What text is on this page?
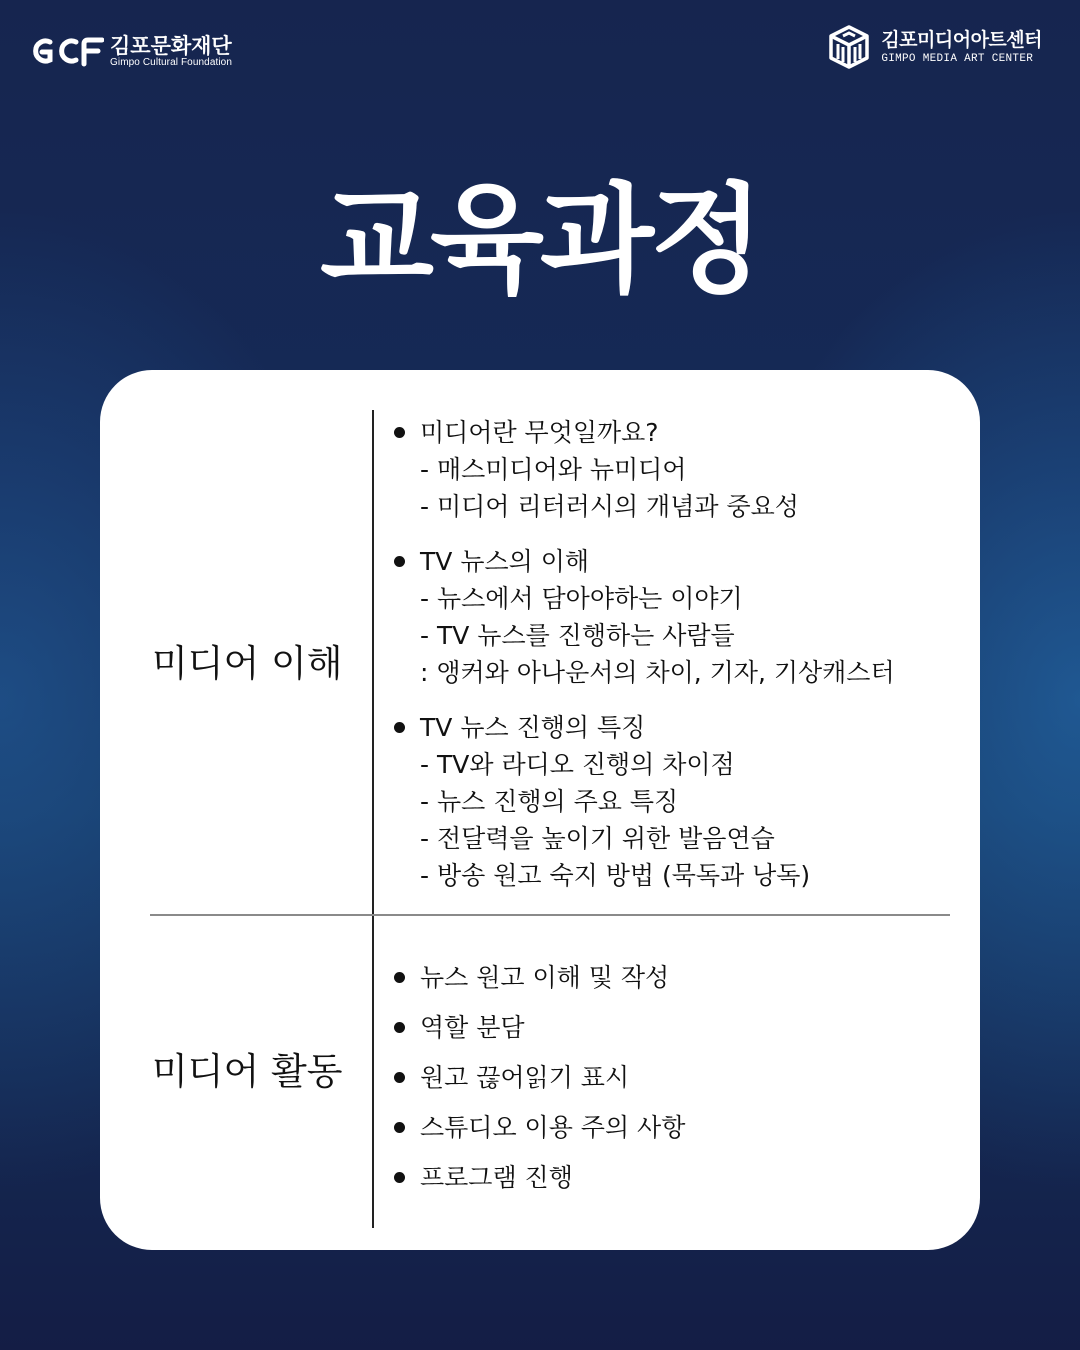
김포문화재단
Gimpo Cultural Foundation
김포미디어아트센터
GIMPO MEDIA ART CENTER
교육과정
미디어 이해
미디어란 무엇일까요?
- 매스미디어와 뉴미디어
- 미디어 리터러시의 개념과 중요성
TV 뉴스의 이해
- 뉴스에서 담아야하는 이야기
- TV 뉴스를 진행하는 사람들
: 앵커와 아나운서의 차이, 기자, 기상캐스터
TV 뉴스 진행의 특징
- TV와 라디오 진행의 차이점
- 뉴스 진행의 주요 특징
- 전달력을 높이기 위한 발음연습
- 방송 원고 숙지 방법 (묵독과 낭독)
미디어 활동
뉴스 원고 이해 및 작성
역할 분담
원고 끊어읽기 표시
스튜디오 이용 주의 사항
프로그램 진행
